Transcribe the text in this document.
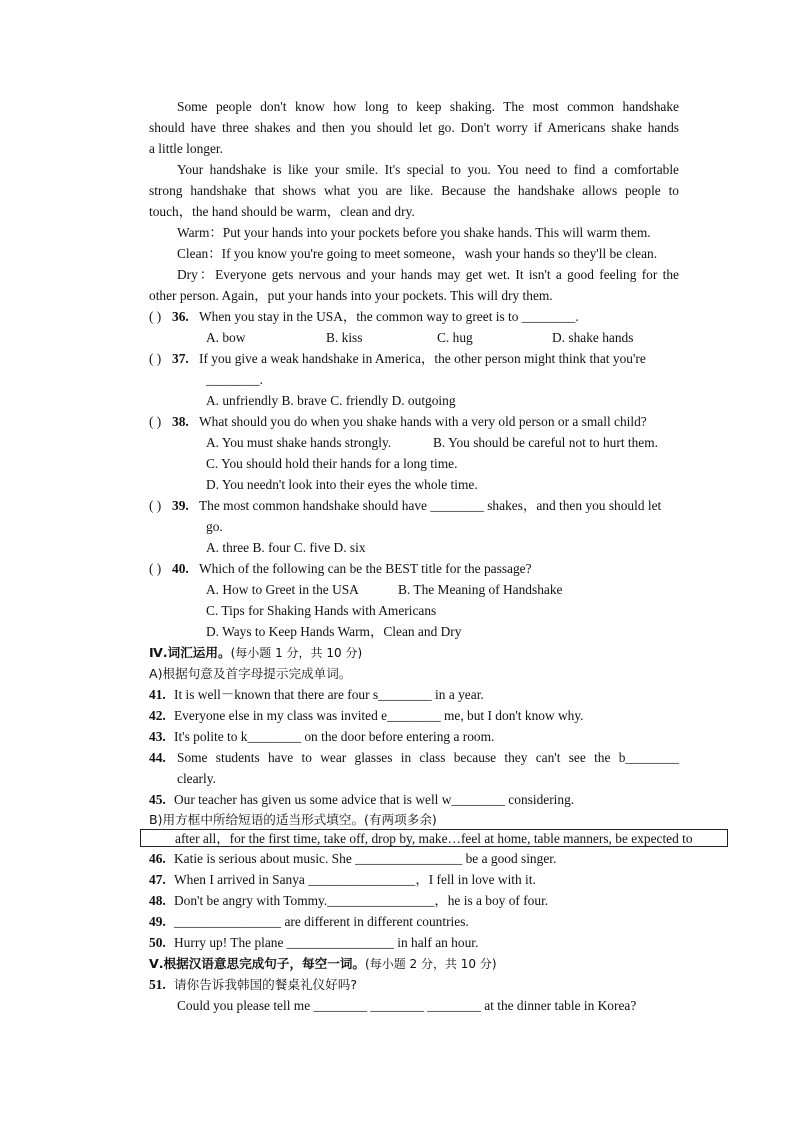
Some people don't know how long to keep shaking. The most common handshake
should have three shakes and then you should let go. Don't worry if Americans shake hands
a little longer.
Your handshake is like your smile. It's special to you. You need to find a comfortable
strong handshake that shows what you are like. Because the handshake allows people to
touch，the hand should be warm，clean and dry.
Warm：Put your hands into your pockets before you shake hands. This will warm them.
Clean：If you know you're going to meet someone，wash your hands so they'll be clean.
Dry：Everyone gets nervous and your hands may get wet. It isn't a good feeling for the
other person. Again，put your hands into your pockets. This will dry them.
( ) 36. When you stay in the USA，the common way to greet is to ________.
A. bow	B. kiss	C. hug	D. shake hands
( ) 37. If you give a weak handshake in America，the other person might think that you're
________.
A. unfriendly B. brave C. friendly D. outgoing
( ) 38. What should you do when you shake hands with a very old person or a small child?
A. You must shake hands strongly.	B. You should be careful not to hurt them.
C. You should hold their hands for a long time.
D. You needn't look into their eyes the whole time.
( ) 39. The most common handshake should have ________ shakes，and then you should let
go.
A. three B. four C. five D. six
( ) 40. Which of the following can be the BEST title for the passage?
A. How to Greet in the USA	B. The Meaning of Handshake
C. Tips for Shaking Hands with Americans
D. Ways to Keep Hands Warm，Clean and Dry
Ⅳ.词汇运用。(每小题 1 分，共 10 分)
A)根据句意及首字母提示完成单词。
41. It is well－known that there are four s________ in a year.
42. Everyone else in my class was invited e________ me, but I don't know why.
43. It's polite to k________ on the door before entering a room.
44. Some students have to wear glasses in class because they can't see the b________
clearly.
45. Our teacher has given us some advice that is well w________ considering.
B)用方框中所给短语的适当形式填空。(有两项多余)
after all，for the first time, take off, drop by, make…feel at home, table manners, be expected to
46. Katie is serious about music. She ________________ be a good singer.
47. When I arrived in Sanya ________________，I fell in love with it.
48. Don't be angry with Tommy.________________，he is a boy of four.
49. ________________ are different in different countries.
50. Hurry up! The plane ________________ in half an hour.
Ⅴ.根据汉语意思完成句子，每空一词。(每小题 2 分，共 10 分)
51. 请你告诉我韩国的餐桌礼仪好吗?
Could you please tell me ________ ________ ________ at the dinner table in Korea?
